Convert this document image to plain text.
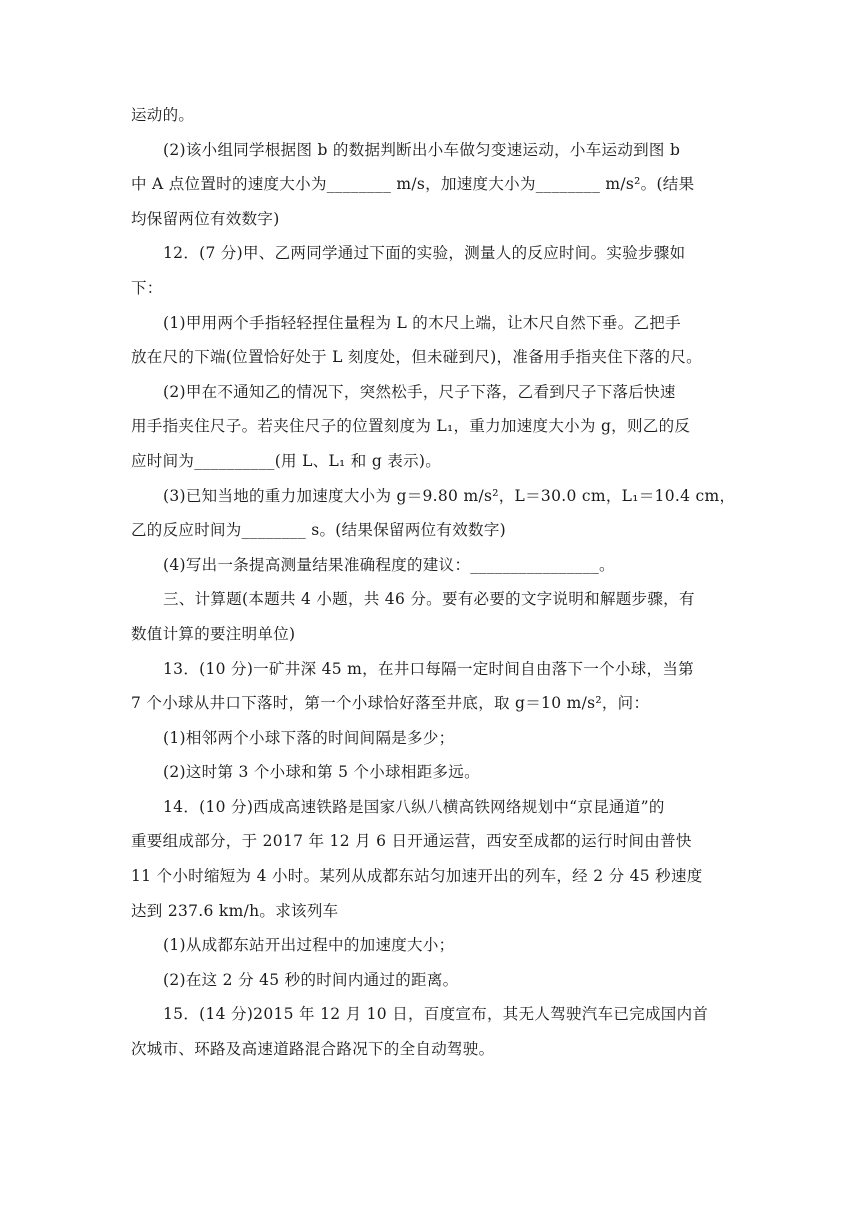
运动的。
(2)该小组同学根据图 b 的数据判断出小车做匀变速运动，小车运动到图 b
中 A 点位置时的速度大小为________ m/s，加速度大小为________ m/s²。(结果
均保留两位有效数字)
12．(7 分)甲、乙两同学通过下面的实验，测量人的反应时间。实验步骤如
下：
(1)甲用两个手指轻轻捏住量程为 L 的木尺上端，让木尺自然下垂。乙把手
放在尺的下端(位置恰好处于 L 刻度处，但未碰到尺)，准备用手指夹住下落的尺。
(2)甲在不通知乙的情况下，突然松手，尺子下落，乙看到尺子下落后快速
用手指夹住尺子。若夹住尺子的位置刻度为 L₁，重力加速度大小为 g，则乙的反
应时间为__________(用 L、L₁ 和 g 表示)。
(3)已知当地的重力加速度大小为 g＝9.80 m/s²，L＝30.0 cm，L₁＝10.4 cm，
乙的反应时间为________ s。(结果保留两位有效数字)
(4)写出一条提高测量结果准确程度的建议：________________。
三、计算题(本题共 4 小题，共 46 分。要有必要的文字说明和解题步骤，有
数值计算的要注明单位)
13．(10 分)一矿井深 45 m，在井口每隔一定时间自由落下一个小球，当第
7 个小球从井口下落时，第一个小球恰好落至井底，取 g＝10 m/s²，问：
(1)相邻两个小球下落的时间间隔是多少；
(2)这时第 3 个小球和第 5 个小球相距多远。
14．(10 分)西成高速铁路是国家八纵八横高铁网络规划中“京昆通道”的
重要组成部分，于 2017 年 12 月 6 日开通运营，西安至成都的运行时间由普快
11 个小时缩短为 4 小时。某列从成都东站匀加速开出的列车，经 2 分 45 秒速度
达到 237.6 km/h。求该列车
(1)从成都东站开出过程中的加速度大小；
(2)在这 2 分 45 秒的时间内通过的距离。
15．(14 分)2015 年 12 月 10 日，百度宣布，其无人驾驶汽车已完成国内首
次城市、环路及高速道路混合路况下的全自动驾驶。
